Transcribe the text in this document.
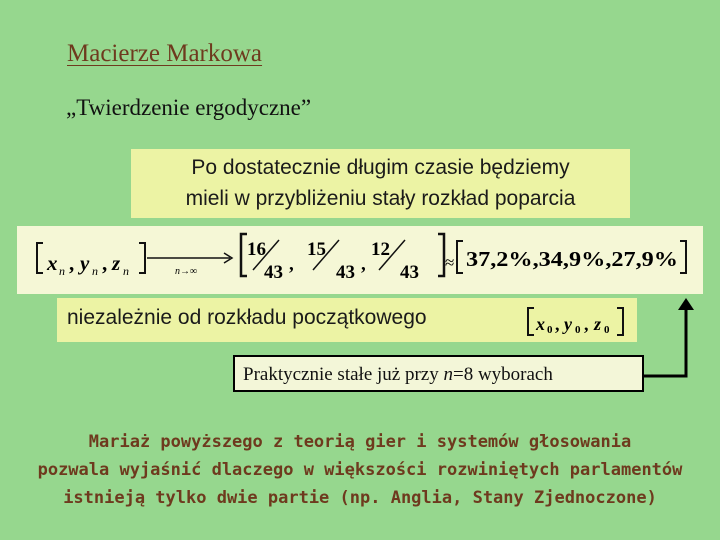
Macierze Markowa
„Twierdzenie ergodyczne”
Po dostatecznie długim czasie będziemy
mieli w przybliżeniu stały rozkład poparcia
x n , y n , z n	n→∞
16
43 ,
15
43 ,
12
43 ≈ 37,2%,34,9%,27,9%
niezależnie od rozkładu początkowego	x 0 , y 0 , z 0
Praktycznie stałe już przy n=8 wyborach
Mariaż powyższego z teorią gier i systemów głosowania
pozwala wyjaśnić dlaczego w większości rozwiniętych parlamentów
istnieją tylko dwie partie (np. Anglia, Stany Zjednoczone)
